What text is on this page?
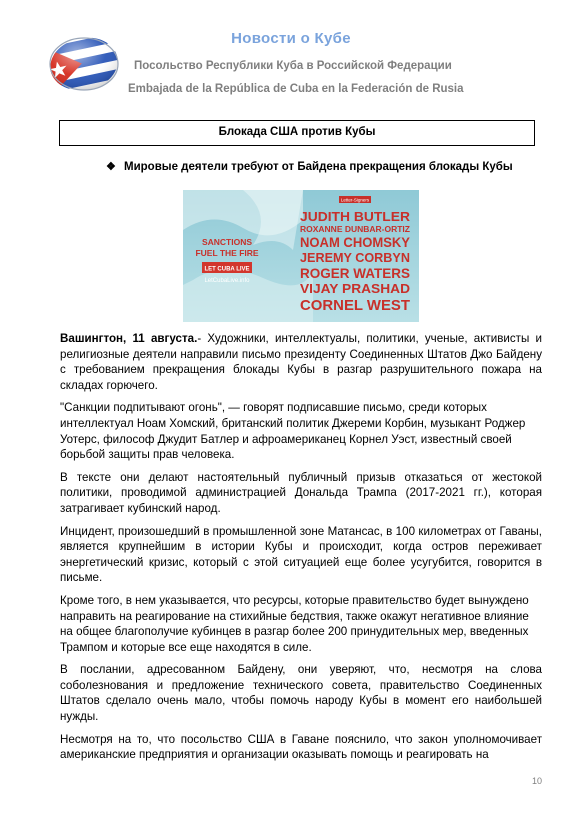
Новости о Кубе
Посольство Республики Куба в Российской Федерации
Embajada de la República de Cuba en la Federación de Rusia
Блокада США против Кубы
❖ Мировые деятели требуют от Байдена прекращения блокады Кубы
SANCTIONS
FUEL THE FIRE
LET CUBA LIVE
LetCubaLive.info
Letter-Signers
JUDITH BUTLER
ROXANNE DUNBAR-ORTIZ
NOAM CHOMSKY
JEREMY CORBYN
ROGER WATERS
VIJAY PRASHAD
CORNEL WEST

Вашингтон, 11 августа.- Художники, интеллектуалы, политики, ученые, активисты и религиозные деятели направили письмо президенту Соединенных Штатов Джо Байдену с требованием прекращения блокады Кубы в разгар разрушительного пожара на складах горючего.

"Санкции подпитывают огонь", — говорят подписавшие письмо, среди которых интеллектуал Ноам Хомский, британский политик Джереми Корбин, музыкант Роджер Уотерс, философ Джудит Батлер и афроамериканец Корнел Уэст, известный своей борьбой защиты прав человека.

В тексте они делают настоятельный публичный призыв отказаться от жестокой политики, проводимой администрацией Дональда Трампа (2017-2021 гг.), которая затрагивает кубинский народ.

Инцидент, произошедший в промышленной зоне Матансас, в 100 километрах от Гаваны, является крупнейшим в истории Кубы и происходит, когда остров переживает энергетический кризис, который с этой ситуацией еще более усугубится, говорится в письме.

Кроме того, в нем указывается, что ресурсы, которые правительство будет вынуждено направить на реагирование на стихийные бедствия, также окажут негативное влияние на общее благополучие кубинцев в разгар более 200 принудительных мер, введенных Трампом и которые все еще находятся в силе.

В послании, адресованном Байдену, они уверяют, что, несмотря на слова соболезнования и предложение технического совета, правительство Соединенных Штатов сделало очень мало, чтобы помочь народу Кубы в момент его наибольшей нужды.

Несмотря на то, что посольство США в Гаване пояснило, что закон уполномочивает американские предприятия и организации оказывать помощь и реагировать на

10
